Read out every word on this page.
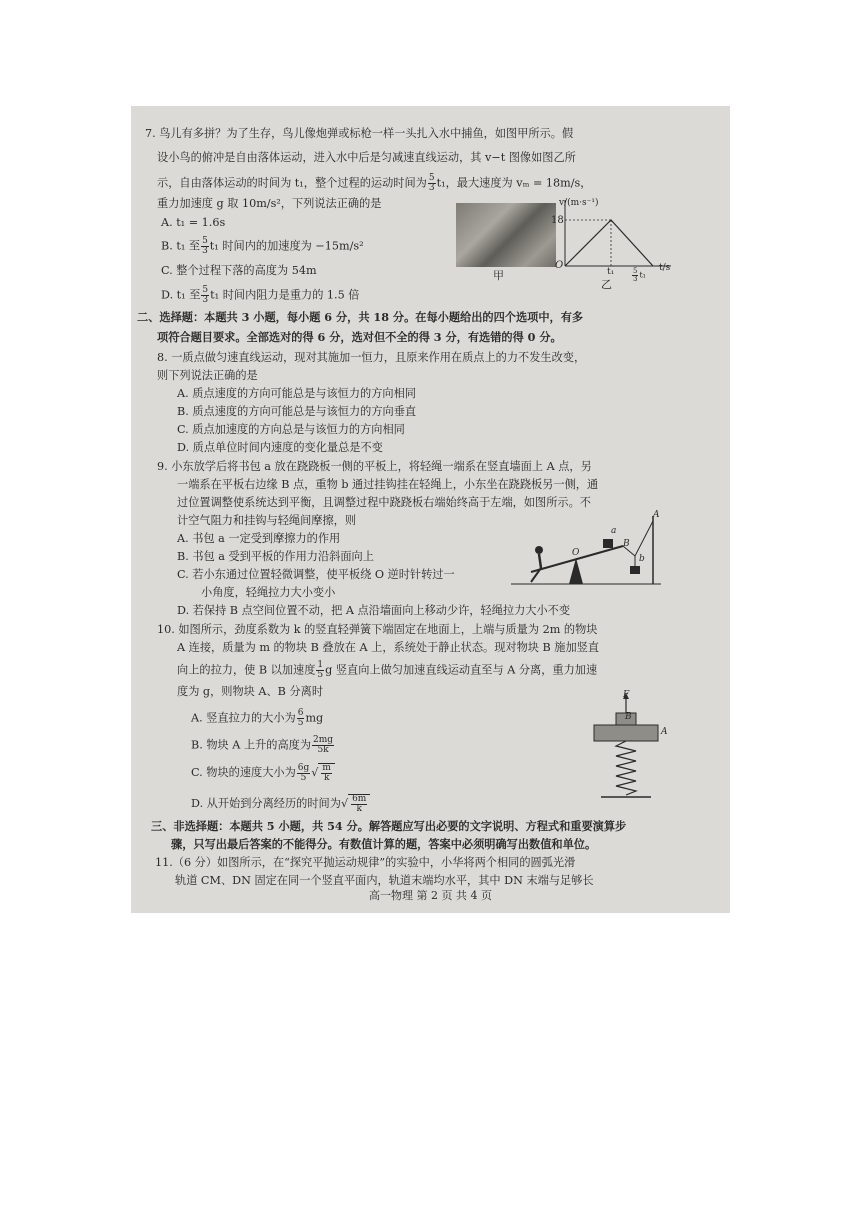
7. 鸟儿有多拼？为了生存，鸟儿像炮弹或标枪一样一头扎入水中捕鱼，如图甲所示。假
设小鸟的俯冲是自由落体运动，进入水中后是匀减速直线运动，其 v−t 图像如图乙所
示，自由落体运动的时间为 t₁，整个过程的运动时间为 $\frac{5}{3} t_1$，最大速度为 vₘ = 18m/s，
重力加速度 g 取 10m/s²，下列说法正确的是
A. t₁ = 1.6s
B. t₁ 至 $\frac{5}{3} t_1$ 时间内的加速度为 −15m/s²
C. 整个过程下落的高度为 54m
D. t₁ 至 $\frac{5}{3} t_1$ 时间内阻力是重力的 1.5 倍
甲
v/(m·s⁻¹)
18
O
t₁	$\frac{5}{3} t_1$
t/s
乙
二、选择题：本题共 3 小题，每小题 6 分，共 18 分。在每小题给出的四个选项中，有多
项符合题目要求。全部选对的得 6 分，选对但不全的得 3 分，有选错的得 0 分。
8. 一质点做匀速直线运动，现对其施加一恒力，且原来作用在质点上的力不发生改变，
则下列说法正确的是
A. 质点速度的方向可能总是与该恒力的方向相同
B. 质点速度的方向可能总是与该恒力的方向垂直
C. 质点加速度的方向总是与该恒力的方向相同
D. 质点单位时间内速度的变化量总是不变
9. 小东放学后将书包 a 放在跷跷板一侧的平板上，将轻绳一端系在竖直墙面上 A 点，另
一端系在平板右边缘 B 点，重物 b 通过挂钩挂在轻绳上，小东坐在跷跷板另一侧，通
过位置调整使系统达到平衡，且调整过程中跷跷板右端始终高于左端，如图所示。不
计空气阻力和挂钩与轻绳间摩擦，则
A. 书包 a 一定受到摩擦力的作用
B. 书包 a 受到平板的作用力沿斜面向上
C. 若小东通过位置轻微调整，使平板绕 O 逆时针转过一
小角度，轻绳拉力大小变小
D. 若保持 B 点空间位置不动，把 A 点沿墙面向上移动少许，轻绳拉力大小不变
A
a
B
b
O
10. 如图所示，劲度系数为 k 的竖直轻弹簧下端固定在地面上，上端与质量为 2m 的物块
A 连接，质量为 m 的物块 B 叠放在 A 上，系统处于静止状态。现对物块 B 施加竖直
向上的拉力，使 B 以加速度 $\frac{1}{5}$ g 竖直向上做匀加速直线运动直至与 A 分离，重力加速
度为 g，则物块 A、B 分离时
A. 竖直拉力的大小为 $\frac{6}{5}$ mg
B. 物块 A 上升的高度为 $\frac{2mg}{5k}$
C. 物块的速度大小为 $\frac{6g}{5}$ √ $\frac{m}{k}$
D. 从开始到分离经历的时间为√ $\frac{6m}{k}$
F
B
A
三、非选择题：本题共 5 小题，共 54 分。解答题应写出必要的文字说明、方程式和重要演算步
骤，只写出最后答案的不能得分。有数值计算的题，答案中必须明确写出数值和单位。
11.（6 分）如图所示，在“探究平抛运动规律”的实验中，小华将两个相同的圆弧光滑
轨道 CM、DN 固定在同一个竖直平面内，轨道末端均水平，其中 DN 末端与足够长
高一物理 第 2 页 共 4 页
